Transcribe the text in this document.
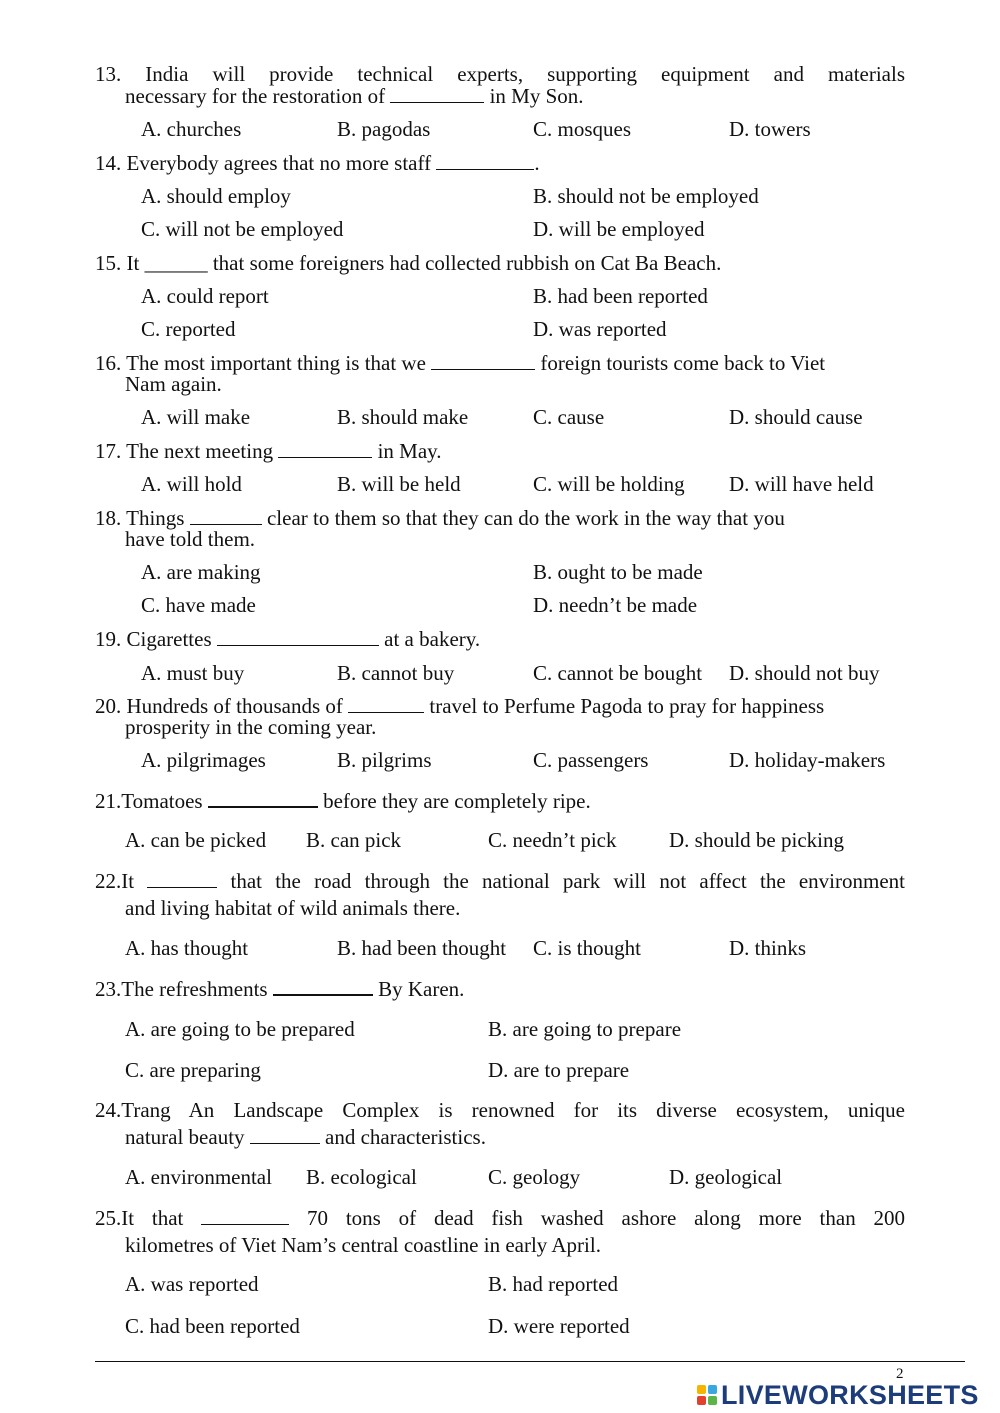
13. India will provide technical experts, supporting equipment and materials
necessary for the restoration of	in My Son.
A. churches	B. pagodas	C. mosques	D. towers
14. Everybody agrees that no more staff	.
A. should employ	B. should not be employed
C. will not be employed	D. will be employed
15. It ______ that some foreigners had collected rubbish on Cat Ba Beach.
A. could report	B. had been reported
C. reported	D. was reported
16. The most important thing is that we	foreign tourists come back to Viet
Nam again.
A. will make	B. should make	C. cause	D. should cause
17. The next meeting	in May.
A. will hold	B. will be held	C. will be holding D. will have held
18. Things	clear to them so that they can do the work in the way that you
have told them.
A. are making	B. ought to be made
C. have made	D. needn’t be made
19. Cigarettes	at a bakery.
A. must buy	B. cannot buy	C. cannot be bought D. should not buy
20. Hundreds of thousands of	travel to Perfume Pagoda to pray for happiness
prosperity in the coming year.
A. pilgrimages	B. pilgrims	C. passengers	D. holiday-makers
21.Tomatoes	before they are completely ripe.
A. can be picked B. can pick	C. needn’t pick D. should be picking
22.It	that the road through the national park will not affect the environment
and living habitat of wild animals there.
A. has thought	B. had been thought C. is thought	D. thinks
23.The refreshments	By Karen.
A. are going to be prepared	B. are going to prepare
C. are preparing	D. are to prepare
24.Trang An Landscape Complex is renowned for its diverse ecosystem, unique
natural beauty	and characteristics.
A. environmental B. ecological	C. geology	D. geological
25.It that	70 tons of dead fish washed ashore along more than 200
kilometres of Viet Nam’s central coastline in early April.
A. was reported	B. had reported
C. had been reported	D. were reported
2
LIVEWORKSHEETS
